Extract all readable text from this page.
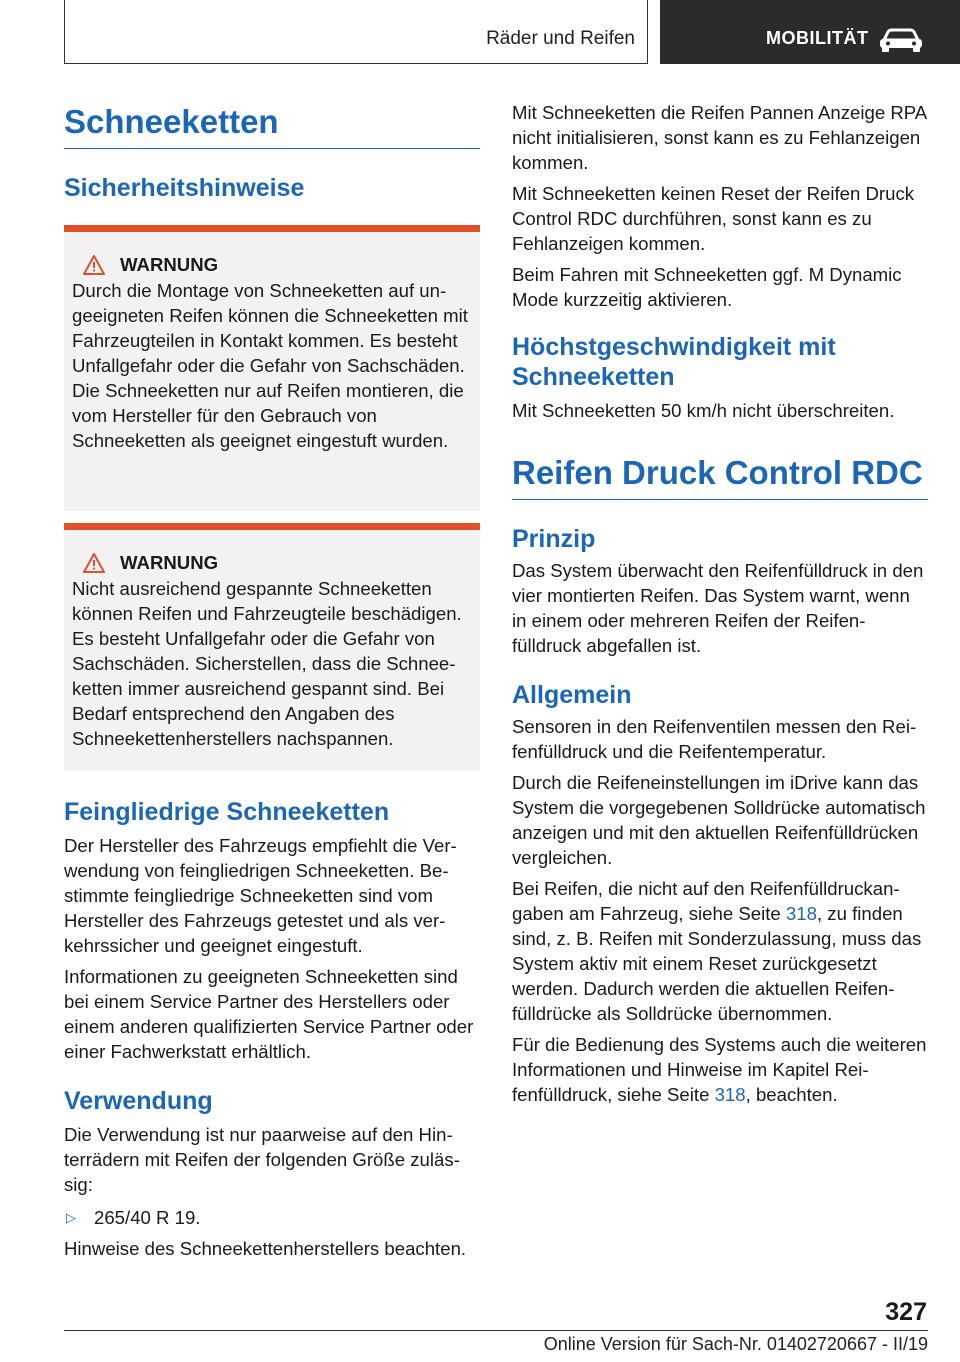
Räder und Reifen	MOBILITÄT
Schneeketten
Sicherheitshinweise
WARNUNG

Durch die Montage von Schneeketten auf ungeeigneten Reifen können die Schneeketten mit Fahrzeugteilen in Kontakt kommen. Es besteht Unfallgefahr oder die Gefahr von Sachschäden. Die Schneeketten nur auf Reifen montieren, die vom Hersteller für den Gebrauch von Schneeketten als geeignet eingestuft wurden.

WARNUNG

Nicht ausreichend gespannte Schneeketten können Reifen und Fahrzeugteile beschädigen. Es besteht Unfallgefahr oder die Gefahr von Sachschäden. Sicherstellen, dass die Schneeketten immer ausreichend gespannt sind. Bei Bedarf entsprechend den Angaben des Schneekettenherstellers nachspannen.

Feingliedrige Schneeketten

Der Hersteller des Fahrzeugs empfiehlt die Verwendung von feingliedrigen Schneeketten. Bestimmte feingliedrige Schneeketten sind vom Hersteller des Fahrzeugs getestet und als verkehrssicher und geeignet eingestuft.

Informationen zu geeigneten Schneeketten sind bei einem Service Partner des Herstellers oder einem anderen qualifizierten Service Partner oder einer Fachwerkstatt erhältlich.

Verwendung

Die Verwendung ist nur paarweise auf den Hinterrädern mit Reifen der folgenden Größe zulässig:

▷ 265/40 R 19.

Hinweise des Schneekettenherstellers beachten.

Mit Schneeketten die Reifen Pannen Anzeige RPA nicht initialisieren, sonst kann es zu Fehlanzeigen kommen.

Mit Schneeketten keinen Reset der Reifen Druck Control RDC durchführen, sonst kann es zu Fehlanzeigen kommen.

Beim Fahren mit Schneeketten ggf. M Dynamic Mode kurzzeitig aktivieren.

Höchstgeschwindigkeit mit Schneeketten

Mit Schneeketten 50 km/h nicht überschreiten.

Reifen Druck Control RDC
Prinzip

Das System überwacht den Reifenfülldruck in den vier montierten Reifen. Das System warnt, wenn in einem oder mehreren Reifen der Reifenfülldruck abgefallen ist.

Allgemein

Sensoren in den Reifenventilen messen den Reifenfülldruck und die Reifentemperatur.

Durch die Reifeneinstellungen im iDrive kann das System die vorgegebenen Solldrücke automatisch anzeigen und mit den aktuellen Reifenfülldrücken vergleichen.

Bei Reifen, die nicht auf den Reifenfülldruckangaben am Fahrzeug, siehe Seite 318, zu finden sind, z. B. Reifen mit Sonderzulassung, muss das System aktiv mit einem Reset zurückgesetzt werden. Dadurch werden die aktuellen Reifenfülldrücke als Solldrücke übernommen.

Für die Bedienung des Systems auch die weiteren Informationen und Hinweise im Kapitel Reifenfülldruck, siehe Seite 318, beachten.

327
Online Version für Sach-Nr. 01402720667 - II/19
